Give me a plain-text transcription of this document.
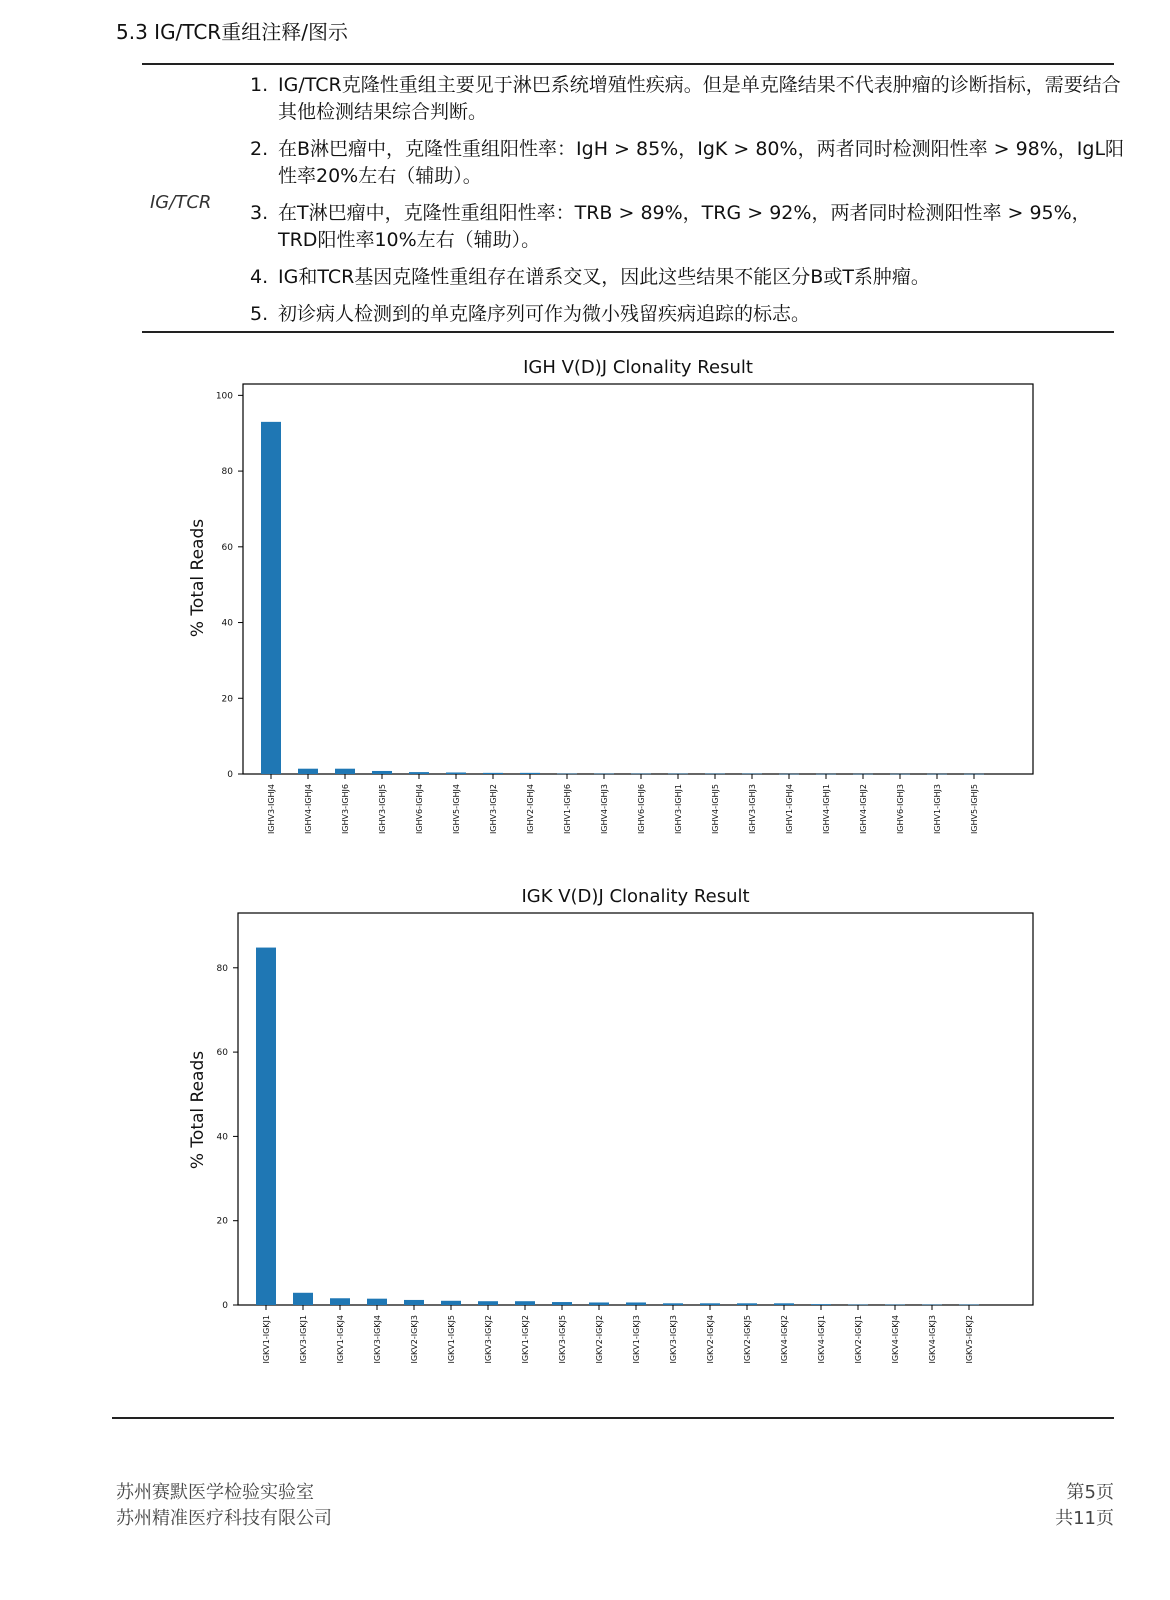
5.3 IG/TCR重组注释/图示
IG/TCR
1. IG/TCR克隆性重组主要见于淋巴系统增殖性疾病。但是单克隆结果不代表肿瘤的诊断指标，需要结合其他检测结果综合判断。
2. 在B淋巴瘤中，克隆性重组阳性率：IgH > 85%，IgK > 80%，两者同时检测阳性率 > 98%，IgL阳性率20%左右（辅助）。
3. 在T淋巴瘤中，克隆性重组阳性率：TRB > 89%，TRG > 92%，两者同时检测阳性率 > 95%，TRD阳性率10%左右（辅助）。
4. IG和TCR基因克隆性重组存在谱系交叉，因此这些结果不能区分B或T系肿瘤。
5. 初诊病人检测到的单克隆序列可作为微小残留疾病追踪的标志。
IGH V(D)J Clonality Result
% Total Reads
0
20
40
60
80
100
IGHV3-IGHJ4	IGHV4-IGHJ4	IGHV3-IGHJ6	IGHV3-IGHJ5	IGHV6-IGHJ4	IGHV5-IGHJ4	IGHV3-IGHJ2	IGHV2-IGHJ4	IGHV1-IGHJ6	IGHV4-IGHJ3	IGHV6-IGHJ6	IGHV3-IGHJ1	IGHV4-IGHJ5	IGHV3-IGHJ3	IGHV1-IGHJ4	IGHV4-IGHJ1	IGHV4-IGHJ2	IGHV6-IGHJ3	IGHV1-IGHJ3	IGHV5-IGHJ5
IGK V(D)J Clonality Result
% Total Reads
0
20
40
60
80
IGKV1-IGKJ1	IGKV3-IGKJ1	IGKV1-IGKJ4	IGKV3-IGKJ4	IGKV2-IGKJ3	IGKV1-IGKJ5	IGKV3-IGKJ2	IGKV1-IGKJ2	IGKV3-IGKJ5	IGKV2-IGKJ2	IGKV1-IGKJ3	IGKV3-IGKJ3	IGKV2-IGKJ4	IGKV2-IGKJ5	IGKV4-IGKJ2	IGKV4-IGKJ1	IGKV2-IGKJ1	IGKV4-IGKJ4	IGKV4-IGKJ3	IGKV5-IGKJ2
苏州赛默医学检验实验室
苏州精准医疗科技有限公司
第5页
共11页
